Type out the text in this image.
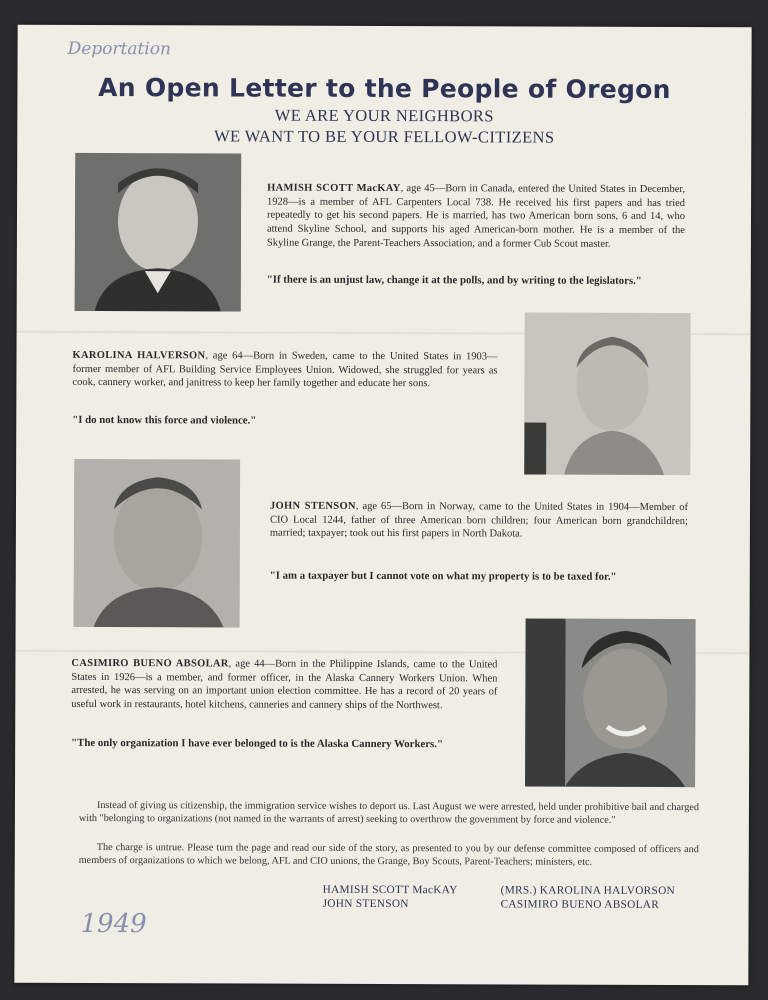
Deportation
An Open Letter to the People of Oregon
WE ARE YOUR NEIGHBORS
WE WANT TO BE YOUR FELLOW-CITIZENS
HAMISH SCOTT MacKAY, age 45—Born in Canada, entered the United States in December, 1928—is a member of AFL Carpenters Local 738. He received his first papers and has tried repeatedly to get his second papers. He is married, has two American born sons, 6 and 14, who attend Skyline School, and supports his aged American-born mother. He is a member of the Skyline Grange, the Parent-Teachers Association, and a former Cub Scout master.
"If there is an unjust law, change it at the polls, and by writing to the legislators."
KAROLINA HALVERSON, age 64—Born in Sweden, came to the United States in 1903—former member of AFL Building Service Employees Union. Widowed, she struggled for years as cook, cannery worker, and janitress to keep her family together and educate her sons.
"I do not know this force and violence."
JOHN STENSON, age 65—Born in Norway, came to the United States in 1904—Member of CIO Local 1244, father of three American born children; four American born grandchildren; married; taxpayer; took out his first papers in North Dakota.
"I am a taxpayer but I cannot vote on what my property is to be taxed for."
CASIMIRO BUENO ABSOLAR, age 44—Born in the Philippine Islands, came to the United States in 1926—is a member, and former officer, in the Alaska Cannery Workers Union. When arrested, he was serving on an important union election committee. He has a record of 20 years of useful work in restaurants, hotel kitchens, canneries and cannery ships of the Northwest.
"The only organization I have ever belonged to is the Alaska Cannery Workers."
Instead of giving us citizenship, the immigration service wishes to deport us. Last August we were arrested, held under prohibitive bail and charged with "belonging to organizations (not named in the warrants of arrest) seeking to overthrow the government by force and violence."
The charge is untrue. Please turn the page and read our side of the story, as presented to you by our defense committee composed of officers and members of organizations to which we belong, AFL and CIO unions, the Grange, Boy Scouts, Parent-Teachers; ministers, etc.
HAMISH SCOTT MacKAY	(MRS.) KAROLINA HALVORSON
JOHN STENSON	CASIMIRO BUENO ABSOLAR
1949
